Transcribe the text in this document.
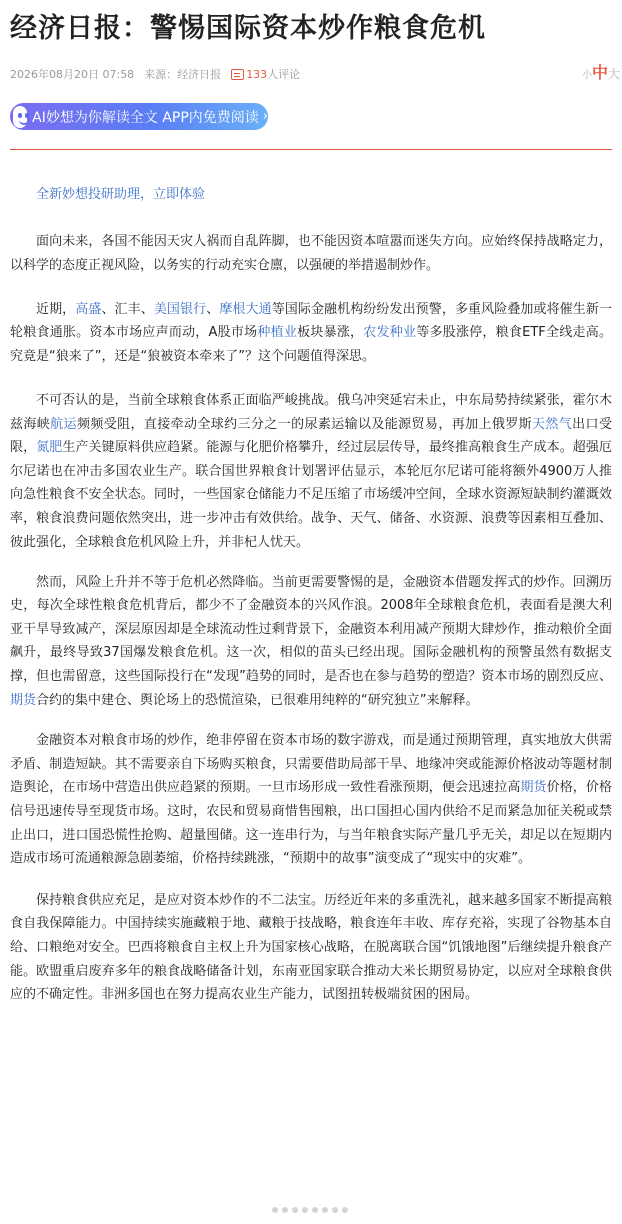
经济日报：警惕国际资本炒作粮食危机
2026年08月20日 07:58 来源： 经济日报 133 人评论	小 中 大
AI妙想为你解读全文 APP内免费阅读 ›
全新妙想投研助理，立即体验

面向未来，各国不能因天灾人祸而自乱阵脚，也不能因资本喧嚣而迷失方向。应始终保持战略定力，以科学的态度正视风险，以务实的行动充实仓廪，以强硬的举措遏制炒作。

近期，高盛、汇丰、美国银行、摩根大通等国际金融机构纷纷发出预警，多重风险叠加或将催生新一轮粮食通胀。资本市场应声而动，A股市场种植业板块暴涨，农发种业等多股涨停，粮食ETF全线走高。究竟是“狼来了”，还是“狼被资本牵来了”？这个问题值得深思。

不可否认的是，当前全球粮食体系正面临严峻挑战。俄乌冲突延宕未止，中东局势持续紧张，霍尔木兹海峡航运频频受阻，直接牵动全球约三分之一的尿素运输以及能源贸易，再加上俄罗斯天然气出口受限，氮肥生产关键原料供应趋紧。能源与化肥价格攀升，经过层层传导，最终推高粮食生产成本。超强厄尔尼诺也在冲击多国农业生产。联合国世界粮食计划署评估显示，本轮厄尔尼诺可能将额外4900万人推向急性粮食不安全状态。同时，一些国家仓储能力不足压缩了市场缓冲空间，全球水资源短缺制约灌溉效率，粮食浪费问题依然突出，进一步冲击有效供给。战争、天气、储备、水资源、浪费等因素相互叠加、彼此强化，全球粮食危机风险上升，并非杞人忧天。

然而，风险上升并不等于危机必然降临。当前更需要警惕的是，金融资本借题发挥式的炒作。回溯历史，每次全球性粮食危机背后，都少不了金融资本的兴风作浪。2008年全球粮食危机，表面看是澳大利亚干旱导致减产，深层原因却是全球流动性过剩背景下，金融资本利用减产预期大肆炒作，推动粮价全面飙升，最终导致37国爆发粮食危机。这一次，相似的苗头已经出现。国际金融机构的预警虽然有数据支撑，但也需留意，这些国际投行在“发现”趋势的同时，是否也在参与趋势的塑造？资本市场的剧烈反应、期货合约的集中建仓、舆论场上的恐慌渲染，已很难用纯粹的“研究独立”来解释。

金融资本对粮食市场的炒作，绝非停留在资本市场的数字游戏，而是通过预期管理，真实地放大供需矛盾、制造短缺。其不需要亲自下场购买粮食，只需要借助局部干旱、地缘冲突或能源价格波动等题材制造舆论，在市场中营造出供应趋紧的预期。一旦市场形成一致性看涨预期，便会迅速拉高期货价格，价格信号迅速传导至现货市场。这时，农民和贸易商惜售囤粮，出口国担心国内供给不足而紧急加征关税或禁止出口，进口国恐慌性抢购、超量囤储。这一连串行为，与当年粮食实际产量几乎无关，却足以在短期内造成市场可流通粮源急剧萎缩，价格持续跳涨，“预期中的故事”演变成了“现实中的灾难”。

保持粮食供应充足，是应对资本炒作的不二法宝。历经近年来的多重洗礼，越来越多国家不断提高粮食自我保障能力。中国持续实施藏粮于地、藏粮于技战略，粮食连年丰收、库存充裕，实现了谷物基本自给、口粮绝对安全。巴西将粮食自主权上升为国家核心战略，在脱离联合国“饥饿地图”后继续提升粮食产能。欧盟重启废弃多年的粮食战略储备计划，东南亚国家联合推动大米长期贸易协定，以应对全球粮食供应的不确定性。非洲多国也在努力提高农业生产能力，试图扭转极端贫困的困局。
